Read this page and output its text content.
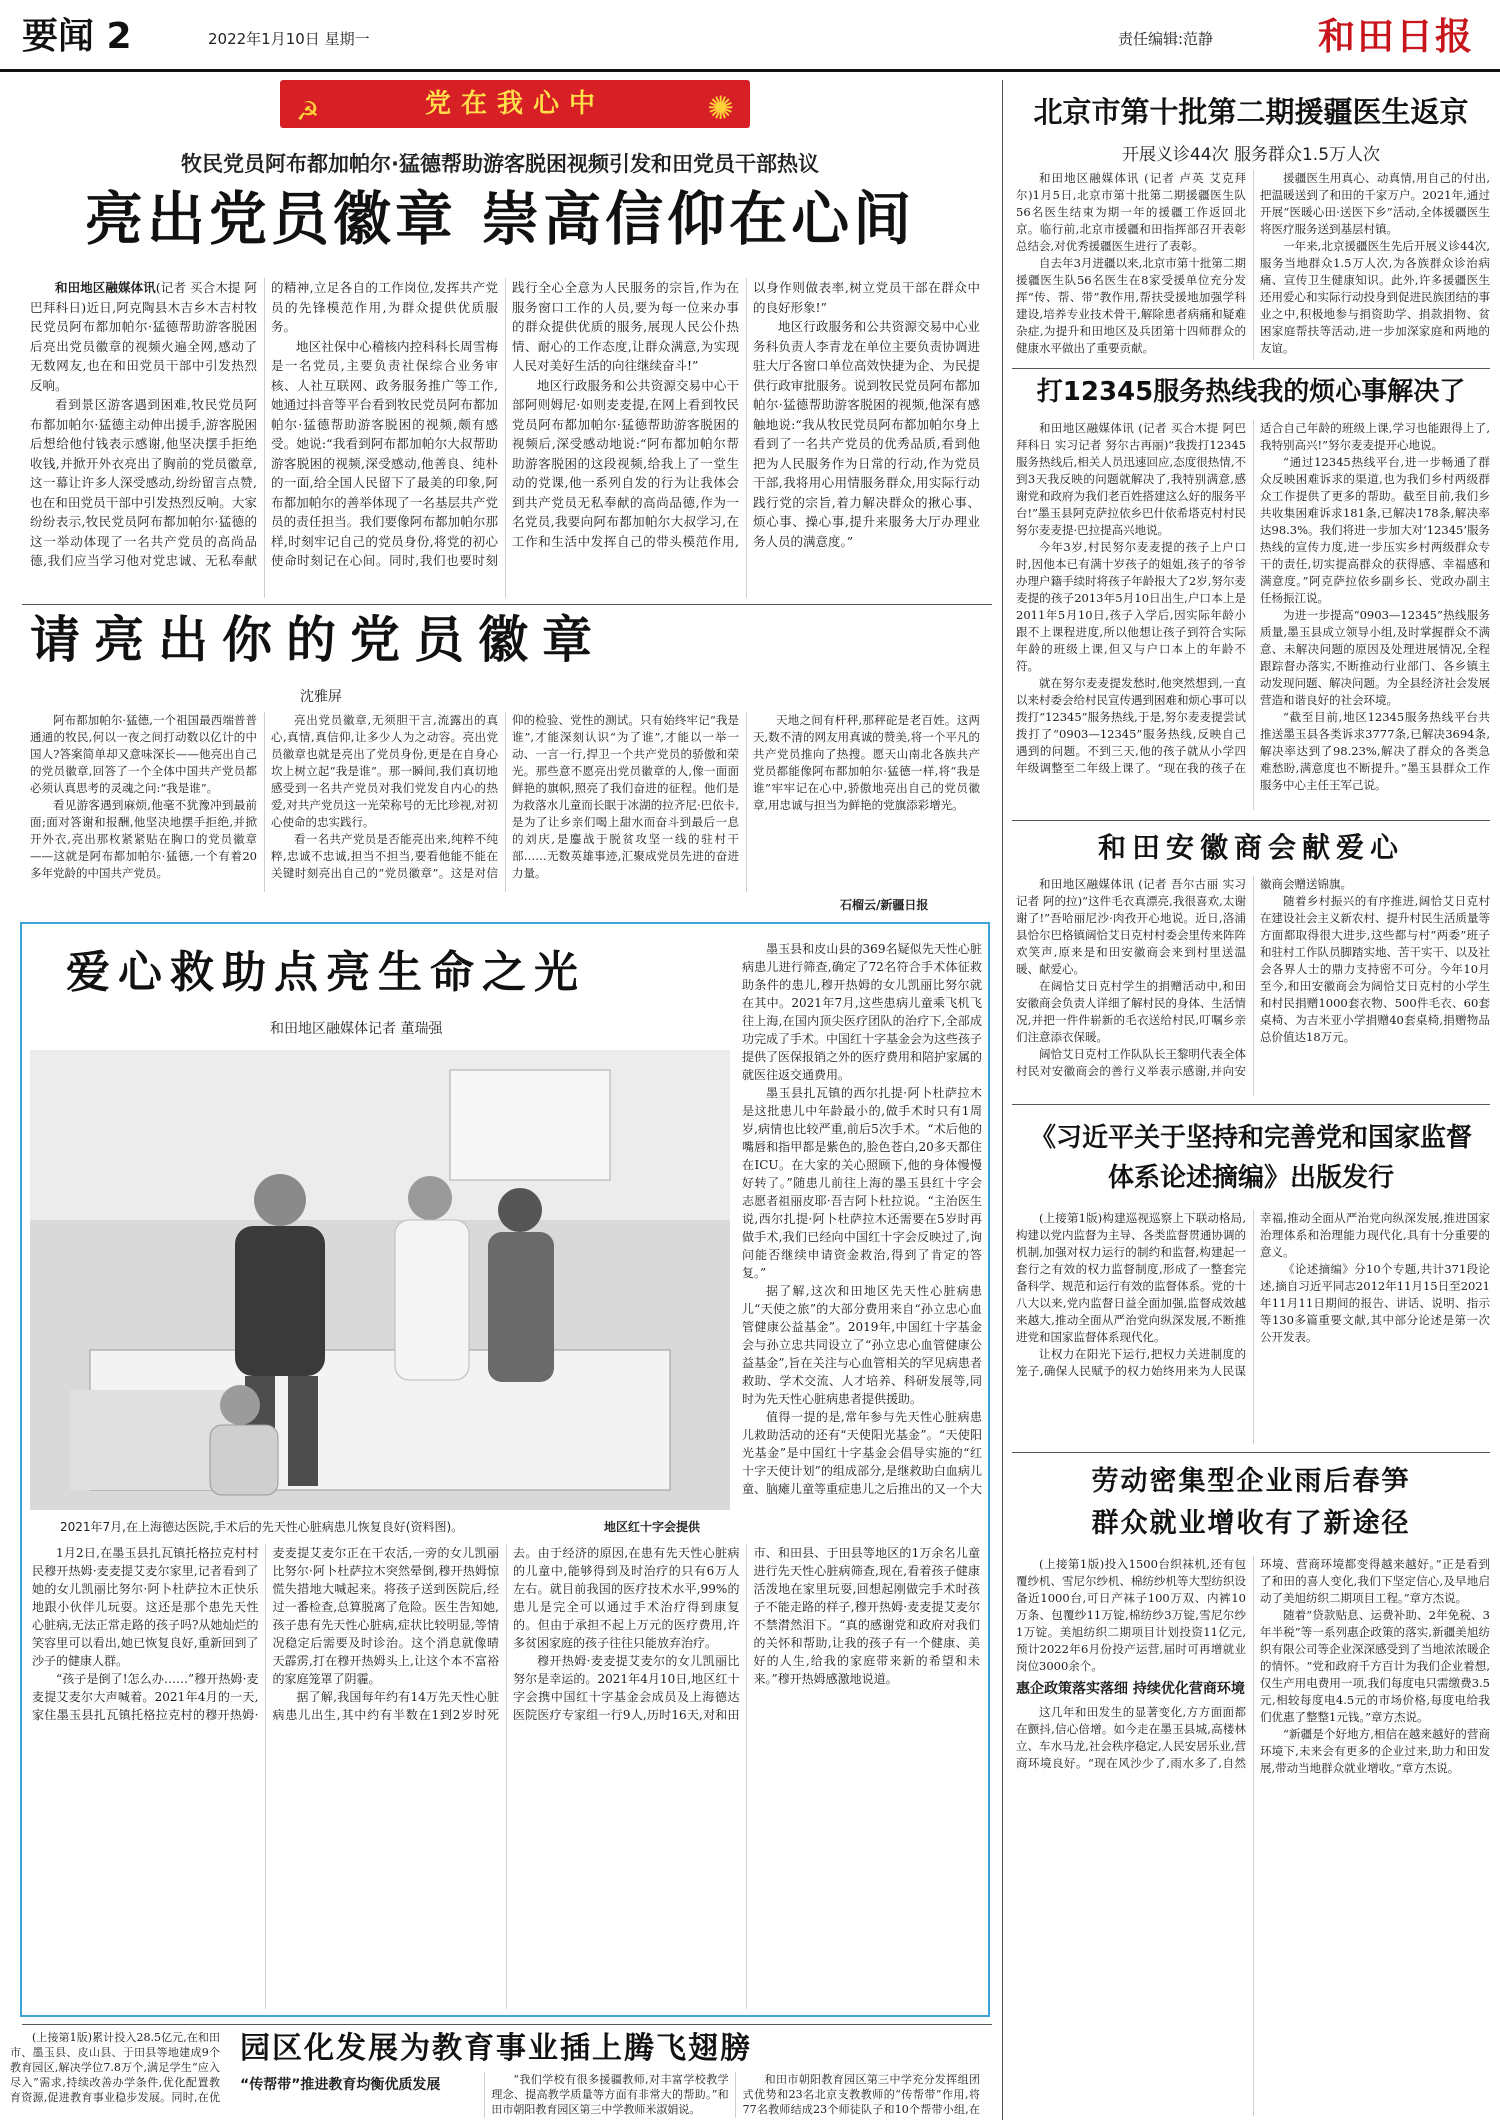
要闻 2	2022年1月10日 星期一	责任编辑:范静	和田日报
☭	党在我心中	✺
牧民党员阿布都加帕尔·猛德帮助游客脱困视频引发和田党员干部热议
亮出党员徽章 崇高信仰在心间

和田地区融媒体讯(记者 买合木提 阿巴拜科日)近日,阿克陶县木吉乡木吉村牧民党员阿布都加帕尔·猛德帮助游客脱困后亮出党员徽章的视频火遍全网,感动了无数网友,也在和田党员干部中引发热烈反响。

看到景区游客遇到困难,牧民党员阿布都加帕尔·猛德主动伸出援手,游客脱困后想给他付钱表示感谢,他坚决摆手拒绝收钱,并掀开外衣亮出了胸前的党员徽章,这一幕让许多人深受感动,纷纷留言点赞,也在和田党员干部中引发热烈反响。大家纷纷表示,牧民党员阿布都加帕尔·猛德的这一举动体现了一名共产党员的高尚品德,我们应当学习他对党忠诚、无私奉献的精神,立足各自的工作岗位,发挥共产党员的先锋模范作用,为群众提供优质服务。

地区社保中心稽核内控科科长周雪梅是一名党员,主要负责社保综合业务审核、人社互联网、政务服务推广等工作,她通过抖音等平台看到牧民党员阿布都加帕尔·猛德帮助游客脱困的视频,颇有感受。她说:“我看到阿布都加帕尔大叔帮助游客脱困的视频,深受感动,他善良、纯朴的一面,给全国人民留下了最美的印象,阿布都加帕尔的善举体现了一名基层共产党员的责任担当。我们要像阿布都加帕尔那样,时刻牢记自己的党员身份,将党的初心使命时刻记在心间。同时,我们也要时刻践行全心全意为人民服务的宗旨,作为在服务窗口工作的人员,要为每一位来办事的群众提供优质的服务,展现人民公仆热情、耐心的工作态度,让群众满意,为实现人民对美好生活的向往继续奋斗!”

地区行政服务和公共资源交易中心干部阿则姆尼·如则麦麦提,在网上看到牧民党员阿布都加帕尔·猛德帮助游客脱困的视频后,深受感动地说:“阿布都加帕尔帮助游客脱困的这段视频,给我上了一堂生动的党课,他一系列自发的行为让我体会到共产党员无私奉献的高尚品德,作为一名党员,我要向阿布都加帕尔大叔学习,在工作和生活中发挥自己的带头模范作用,以身作则做表率,树立党员干部在群众中的良好形象!”

地区行政服务和公共资源交易中心业务科负责人李青龙在单位主要负责协调进驻大厅各窗口单位高效快捷为企、为民提供行政审批服务。说到牧民党员阿布都加帕尔·猛德帮助游客脱困的视频,他深有感触地说:“我从牧民党员阿布都加帕尔身上看到了一名共产党员的优秀品质,看到他把为人民服务作为日常的行动,作为党员干部,我将用心用情服务群众,用实际行动践行党的宗旨,着力解决群众的揪心事、烦心事、操心事,提升来服务大厅办理业务人员的满意度。”

请亮出你的党员徽章
沈雅屏

阿布都加帕尔·猛德,一个祖国最西端普普通通的牧民,何以一夜之间打动数以亿计的中国人?答案简单却又意味深长——他亮出自己的党员徽章,回答了一个全体中国共产党员都必须认真思考的灵魂之问:“我是谁”。

看见游客遇到麻烦,他毫不犹豫冲到最前面;面对答谢和报酬,他坚决地摆手拒绝,并掀开外衣,亮出那枚紧紧贴在胸口的党员徽章——这就是阿布都加帕尔·猛德,一个有着20多年党龄的中国共产党员。

亮出党员徽章,无须胆干言,流露出的真心,真情,真信仰,让多少人为之动容。亮出党员徽章也就是亮出了党员身份,更是在自身心坎上树立起“我是谁”。那一瞬间,我们真切地感受到一名共产党员对我们党发自内心的热爱,对共产党员这一光荣称号的无比珍视,对初心使命的忠实践行。

看一名共产党员是否能亮出来,纯粹不纯粹,忠诚不忠诚,担当不担当,要看他能不能在关键时刻亮出自己的“党员徽章”。这是对信仰的检验、党性的测试。只有始终牢记“我是谁”,才能深刻认识“为了谁”,才能以一举一动、一言一行,捍卫一个共产党员的骄傲和荣光。那些意不愿亮出党员徽章的人,像一面面鲜艳的旗帜,照亮了我们奋进的征程。他们是为救落水儿童而长眠于冰湖的拉齐尼·巴依卡,是为了让乡亲们喝上甜水而奋斗到最后一息的刘庆,是鏖战于脱贫攻坚一线的驻村干部……无数英雄事迹,汇聚成党员先进的奋进力量。

天地之间有杆秤,那秤砣是老百姓。这两天,数不清的网友用真诚的赞美,将一个平凡的共产党员推向了热搜。愿天山南北各族共产党员都能像阿布都加帕尔·猛德一样,将“我是谁”牢牢记在心中,骄傲地亮出自己的党员徽章,用忠诚与担当为鲜艳的党旗添彩增光。

石榴云/新疆日报
爱心救助点亮生命之光
和田地区融媒体记者 董瑞强
2021年7月,在上海德达医院,手术后的先天性心脏病患儿恢复良好(资料图)。	地区红十字会提供

墨玉县和皮山县的369名疑似先天性心脏病患儿进行筛查,确定了72名符合手术体征救助条件的患儿,穆开热姆的女儿凯丽比努尔就在其中。2021年7月,这些患病儿童乘飞机飞往上海,在国内顶尖医疗团队的治疗下,全部成功完成了手术。中国红十字基金会为这些孩子提供了医保报销之外的医疗费用和陪护家属的就医往返交通费用。

墨玉县扎瓦镇的西尔扎提·阿卜杜萨拉木是这批患儿中年龄最小的,做手术时只有1周岁,病情也比较严重,前后5次手术。“术后他的嘴唇和指甲都是紫色的,脸色苍白,20多天都住在ICU。在大家的关心照顾下,他的身体慢慢好转了。”随患儿前往上海的墨玉县红十字会志愿者祖丽皮耶·吾吉阿卜杜拉说。“主治医生说,西尔扎提·阿卜杜萨拉木还需要在5岁时再做手术,我们已经向中国红十字会反映过了,询问能否继续申请资金救治,得到了肯定的答复。”

据了解,这次和田地区先天性心脏病患儿“天使之旅”的大部分费用来自“孙立忠心血管健康公益基金”。2019年,中国红十字基金会与孙立忠共同设立了“孙立忠心血管健康公益基金”,旨在关注与心血管相关的罕见病患者救助、学术交流、人才培养、科研发展等,同时为先天性心脏病患者提供援助。

值得一提的是,常年参与先天性心脏病患儿救助活动的还有“天使阳光基金”。“天使阳光基金”是中国红十字基金会倡导实施的“红十字天使计划”的组成部分,是继救助白血病儿童、脑瘫儿童等重症患儿之后推出的又一个大

1月2日,在墨玉县扎瓦镇托格拉克村村民穆开热姆·麦麦提艾麦尔家里,记者看到了她的女儿凯丽比努尔·阿卜杜萨拉木正快乐地跟小伙伴儿玩耍。这还是那个患先天性心脏病,无法正常走路的孩子吗?从她灿烂的笑容里可以看出,她已恢复良好,重新回到了沙子的健康人群。

“孩子是倒了!怎么办……”穆开热姆·麦麦提艾麦尔大声喊着。2021年4月的一天,家住墨玉县扎瓦镇托格拉克村的穆开热姆·麦麦提艾麦尔正在干农活,一旁的女儿凯丽比努尔·阿卜杜萨拉木突然晕倒,穆开热姆惊慌失措地大喊起来。将孩子送到医院后,经过一番检查,总算脱离了危险。医生告知她,孩子患有先天性心脏病,症状比较明显,等情况稳定后需要及时诊治。这个消息就像晴天霹雳,打在穆开热姆头上,让这个本不富裕的家庭笼罩了阴霾。

据了解,我国每年约有14万先天性心脏病患儿出生,其中约有半数在1到2岁时死去。由于经济的原因,在患有先天性心脏病的儿童中,能够得到及时治疗的只有6万人左右。就目前我国的医疗技术水平,99%的患儿是完全可以通过手术治疗得到康复的。但由于承担不起上万元的医疗费用,许多贫困家庭的孩子往往只能放弃治疗。

穆开热姆·麦麦提艾麦尔的女儿凯丽比努尔是幸运的。2021年4月10日,地区红十字会携中国红十字基金会成员及上海德达医院医疗专家组一行9人,历时16天,对和田市、和田县、于田县等地区的1万余名儿童进行先天性心脏病筛查,现在,看着孩子健康活泼地在家里玩耍,回想起刚做完手术时孩子不能走路的样子,穆开热姆·麦麦提艾麦尔不禁潸然泪下。“真的感谢党和政府对我们的关怀和帮助,让我的孩子有一个健康、美好的人生,给我的家庭带来新的希望和未来。”穆开热姆感激地说道。

园区化发展为教育事业插上腾飞翅膀

(上接第1版)累计投入28.5亿元,在和田市、墨玉县、皮山县、于田县等地建成9个教育园区,解决学位7.8万个,满足学生“应入尽入”需求,持续改善办学条件,优化配置教育资源,促进教育事业稳步发展。同时,在优

“传帮带”推进教育均衡优质发展	“我们学校有很多援疆教师,对丰富学校教学理念、提高教学质量等方面有非常大的帮助。”和田市朝阳教育园区第三中学教师米淑娟说。

和田市朝阳教育园区第三中学充分发挥组团式优势和23名北京支教教师的“传帮带”作用,将77名教师结成23个师徒队子和10个帮带小组,在

北京市第十批第二期援疆医生返京
开展义诊44次 服务群众1.5万人次

和田地区融媒体讯 (记者 卢英 艾克拜尔)1月5日,北京市第十批第二期援疆医生队56名医生结束为期一年的援疆工作返回北京。临行前,北京市援疆和田指挥部召开表彰总结会,对优秀援疆医生进行了表彰。

自去年3月进疆以来,北京市第十批第二期援疆医生队56名医生在8家受援单位充分发挥“传、帮、带”教作用,帮扶受援地加强学科建设,培养专业技术骨干,解除患者病痛和疑难杂症,为提升和田地区及兵团第十四师群众的健康水平做出了重要贡献。

援疆医生用真心、动真情,用自己的付出,把温暖送到了和田的千家万户。2021年,通过开展“医暖心田·送医下乡”活动,全体援疆医生将医疗服务送到基层村镇。

一年来,北京援疆医生先后开展义诊44次,服务当地群众1.5万人次,为各族群众诊治病痛、宣传卫生健康知识。此外,许多援疆医生还用爱心和实际行动投身到促进民族团结的事业之中,积极地参与捐资助学、捐款捐物、贫困家庭帮扶等活动,进一步加深家庭和两地的友谊。

打12345服务热线我的烦心事解决了

和田地区融媒体讯 (记者 买合木提 阿巴拜科日 实习记者 努尔古再丽)“我拨打12345服务热线后,相关人员迅速回应,态度很热情,不到3天我反映的问题就解决了,我特别满意,感谢党和政府为我们老百姓搭建这么好的服务平台!”墨玉县阿克萨拉依乡巴什依希塔克村村民努尔麦麦提·巴拉提高兴地说。

今年3岁,村民努尔麦麦提的孩子上户口时,因他本已有满十岁孩子的姐姐,孩子的爷爷办理户籍手续时将孩子年龄报大了2岁,努尔麦麦提的孩子2013年5月10日出生,户口本上是2011年5月10日,孩子入学后,因实际年龄小跟不上课程进度,所以他想让孩子到符合实际年龄的班级上课,但又与户口本上的年龄不符。

就在努尔麦麦提发愁时,他突然想到,一直以来村委会给村民宣传遇到困难和烦心事可以拨打“12345”服务热线,于是,努尔麦麦提尝试拨打了“0903—12345”服务热线,反映自己遇到的问题。不到三天,他的孩子就从小学四年级调整至二年级上课了。“现在我的孩子在适合自己年龄的班级上课,学习也能跟得上了,我特别高兴!”努尔麦麦提开心地说。

“通过12345热线平台,进一步畅通了群众反映困难诉求的渠道,也为我们乡村两级群众工作提供了更多的帮助。截至目前,我们乡共收集困难诉求181条,已解决178条,解决率达98.3%。我们将进一步加大对‘12345’服务热线的宣传力度,进一步压实乡村两级群众专干的责任,切实提高群众的获得感、幸福感和满意度。”阿克萨拉依乡副乡长、党政办副主任杨振江说。

为进一步提高“0903—12345”热线服务质量,墨玉县成立领导小组,及时掌握群众不满意、未解决问题的原因及处理进展情况,全程跟踪督办落实,不断推动行业部门、各乡镇主动发现问题、解决问题。为全县经济社会发展营造和谐良好的社会环境。

“截至目前,地区12345服务热线平台共推送墨玉县各类诉求3777条,已解决3694条,解决率达到了98.23%,解决了群众的各类急难愁盼,满意度也不断提升。”墨玉县群众工作服务中心主任王军己说。

和田安徽商会献爱心

和田地区融媒体讯 (记者 吾尔古丽 实习记者 阿的拉)“这件毛衣真漂亮,我很喜欢,太谢谢了!”吾哈丽尼沙·肉孜开心地说。近日,洛浦县恰尔巴格镇阔恰艾日克村村委会里传来阵阵欢笑声,原来是和田安徽商会来到村里送温暖、献爱心。

在阔恰艾日克村学生的捐赠活动中,和田安徽商会负责人详细了解村民的身体、生活情况,并把一件件崭新的毛衣送给村民,叮嘱乡亲们注意添衣保暖。

阔恰艾日克村工作队队长王黎明代表全体村民对安徽商会的善行义举表示感谢,并向安徽商会赠送锦旗。

随着乡村振兴的有序推进,阔恰艾日克村在建设社会主义新农村、提升村民生活质量等方面都取得很大进步,这些都与村“两委”班子和驻村工作队员脚踏实地、苦干实干、以及社会各界人士的鼎力支持密不可分。今年10月至今,和田安徽商会为阔恰艾日克村的小学生和村民捐赠1000套衣物、500件毛衣、60套桌椅、为吉米亚小学捐赠40套桌椅,捐赠物品总价值达18万元。

《习近平关于坚持和完善党和国家监督体系论述摘编》出版发行

(上接第1版)构建巡视巡察上下联动格局,构建以党内监督为主导、各类监督贯通协调的机制,加强对权力运行的制约和监督,构建起一套行之有效的权力监督制度,形成了一整套完备科学、规范和运行有效的监督体系。党的十八大以来,党内监督日益全面加强,监督成效越来越大,推动全面从严治党向纵深发展,不断推进党和国家监督体系现代化。

让权力在阳光下运行,把权力关进制度的笼子,确保人民赋予的权力始终用来为人民谋幸福,推动全面从严治党向纵深发展,推进国家治理体系和治理能力现代化,具有十分重要的意义。

《论述摘编》分10个专题,共计371段论述,摘自习近平同志2012年11月15日至2021年11月11日期间的报告、讲话、说明、指示等130多篇重要文献,其中部分论述是第一次公开发表。

劳动密集型企业雨后春笋
群众就业增收有了新途径

(上接第1版)投入1500台织袜机,还有包覆纱机、雪尼尔纱机、棉纺纱机等大型纺织设备近1000台,可日产袜子100万双、内裤10万条、包覆纱11万锭,棉纺纱3万锭,雪尼尔纱1万锭。美旭纺织二期项目计划投资11亿元,预计2022年6月份投产运营,届时可再增就业岗位3000余个。

惠企政策落实落细 持续优化营商环境

这几年和田发生的显著变化,方方面面都在颤抖,信心倍增。如今走在墨玉县城,高楼林立、车水马龙,社会秩序稳定,人民安居乐业,营商环境良好。“现在风沙少了,雨水多了,自然环境、营商环境都变得越来越好。”正是看到了和田的喜人变化,我们下坚定信心,及早地启动了美旭纺织二期项目工程。”章方杰说。

随着“贷款贴息、运费补助、2年免税、3年半税”等一系列惠企政策的落实,新疆美旭纺织有限公司等企业深深感受到了当地浓浓暖企的情怀。“党和政府千方百计为我们企业着想,仅生产用电费用一项,我们每度电只需缴费3.5元,相较每度电4.5元的市场价格,每度电给我们优惠了整整1元钱。”章方杰说。

“新疆是个好地方,相信在越来越好的营商环境下,未来会有更多的企业过来,助力和田发展,带动当地群众就业增收。”章方杰说。
